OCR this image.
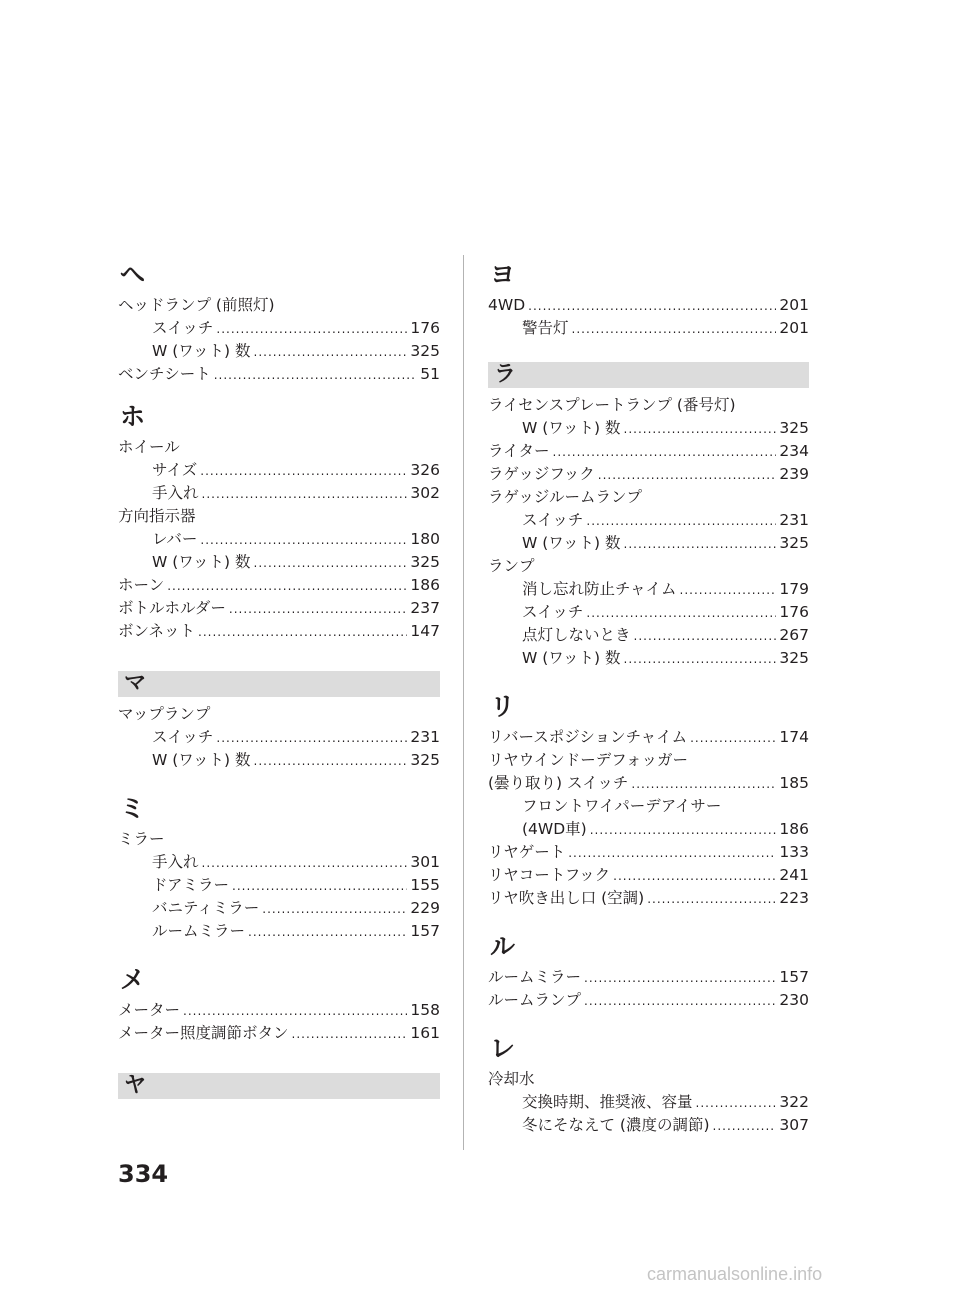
へ
ヘッドランプ (前照灯)
スイッチ .....	176
W (ワット) 数 .....	325
ベンチシート .....	51
ホ
ホイール
サイズ .....	326
手入れ .....	302
方向指示器
レバー .....	180
W (ワット) 数 .....	325
ホーン .....	186
ボトルホルダー .....	237
ボンネット .....	147
マ
マップランプ
スイッチ .....	231
W (ワット) 数 .....	325
ミ
ミラー
手入れ .....	301
ドアミラー .....	155
バニティミラー .....	229
ルームミラー .....	157
メ
メーター .....	158
メーター照度調節ボタン .....	161
ヤ
ヨ
4WD .....	201
警告灯 .....	201
ラ
ライセンスプレートランプ (番号灯)
W (ワット) 数 .....	325
ライター .....	234
ラゲッジフック .....	239
ラゲッジルームランプ
スイッチ .....	231
W (ワット) 数 .....	325
ランプ
消し忘れ防止チャイム .....	179
スイッチ .....	176
点灯しないとき .....	267
W (ワット) 数 .....	325
リ
リバースポジションチャイム .....	174
リヤウインドーデフォッガー
(曇り取り) スイッチ .....	185
フロントワイパーデアイサー
(4WD車) .....	186
リヤゲート .....	133
リヤコートフック .....	241
リヤ吹き出し口 (空調) .....	223
ル
ルームミラー .....	157
ルームランプ .....	230
レ
冷却水
交換時期、推奨液、容量 .....	322
冬にそなえて (濃度の調節) .....	307
334
carmanualsonline.info
